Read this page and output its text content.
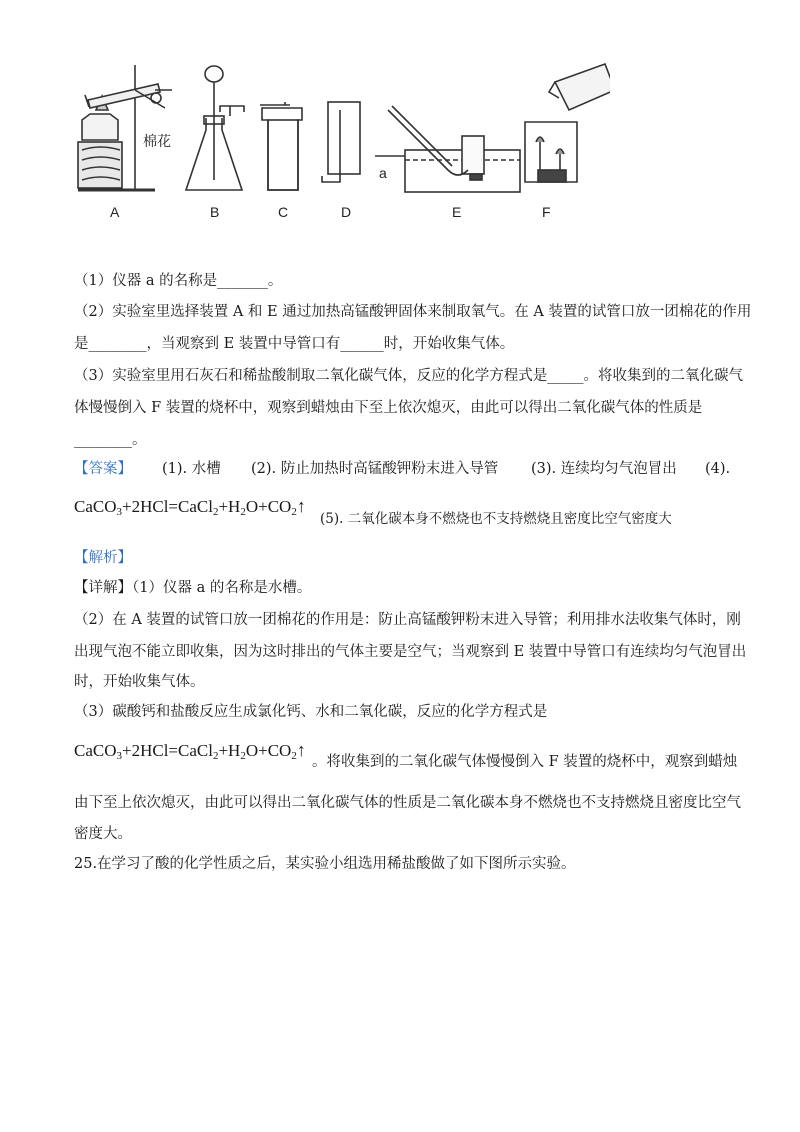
棉花
a
A	B	C	D	E	F
（1）仪器 a 的名称是_______。
（2）实验室里选择装置 A 和 E 通过加热高锰酸钾固体来制取氧气。在 A 装置的试管口放一团棉花的作用
是________，当观察到 E 装置中导管口有______时，开始收集气体。
（3）实验室里用石灰石和稀盐酸制取二氧化碳气体，反应的化学方程式是_____。将收集到的二氧化碳气
体慢慢倒入 F 装置的烧杯中，观察到蜡烛由下至上依次熄灭，由此可以得出二氧化碳气体的性质是
________。
【答案】 (1). 水槽 (2). 防止加热时高锰酸钾粉末进入导管 (3). 连续均匀气泡冒出 (4).
$CaCO_3+2HCl=CaCl_2+H_2O+CO_2↑$
(5). 二氧化碳本身不燃烧也不支持燃烧且密度比空气密度大
【解析】
【详解】（1）仪器 a 的名称是水槽。
（2）在 A 装置的试管口放一团棉花的作用是：防止高锰酸钾粉末进入导管；利用排水法收集气体时，刚
出现气泡不能立即收集，因为这时排出的气体主要是空气；当观察到 E 装置中导管口有连续均匀气泡冒出
时，开始收集气体。
（3）碳酸钙和盐酸反应生成氯化钙、水和二氧化碳，反应的化学方程式是
$CaCO_3+2HCl=CaCl_2+H_2O+CO_2↑$
。将收集到的二氧化碳气体慢慢倒入 F 装置的烧杯中，观察到蜡烛
由下至上依次熄灭，由此可以得出二氧化碳气体的性质是二氧化碳本身不燃烧也不支持燃烧且密度比空气
密度大。
25.在学习了酸的化学性质之后，某实验小组选用稀盐酸做了如下图所示实验。
